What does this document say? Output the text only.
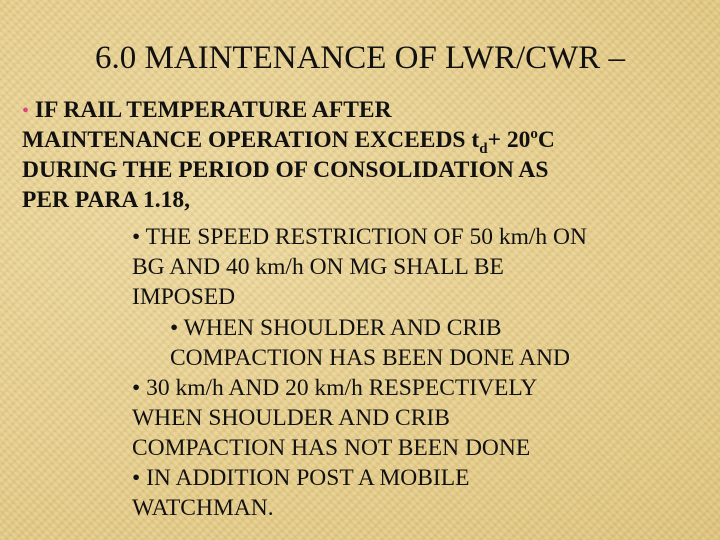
6.0 MAINTENANCE OF LWR/CWR –
• IF RAIL TEMPERATURE AFTER
MAINTENANCE OPERATION EXCEEDS $t_d+ 20^oC$
DURING THE PERIOD OF CONSOLIDATION AS
PER PARA 1.18,
• THE SPEED RESTRICTION OF 50 km/h ON
BG AND 40 km/h ON MG SHALL BE
IMPOSED
• WHEN SHOULDER AND CRIB
COMPACTION HAS BEEN DONE AND
• 30 km/h AND 20 km/h RESPECTIVELY
WHEN SHOULDER AND CRIB
COMPACTION HAS NOT BEEN DONE
• IN ADDITION POST A MOBILE
WATCHMAN.
